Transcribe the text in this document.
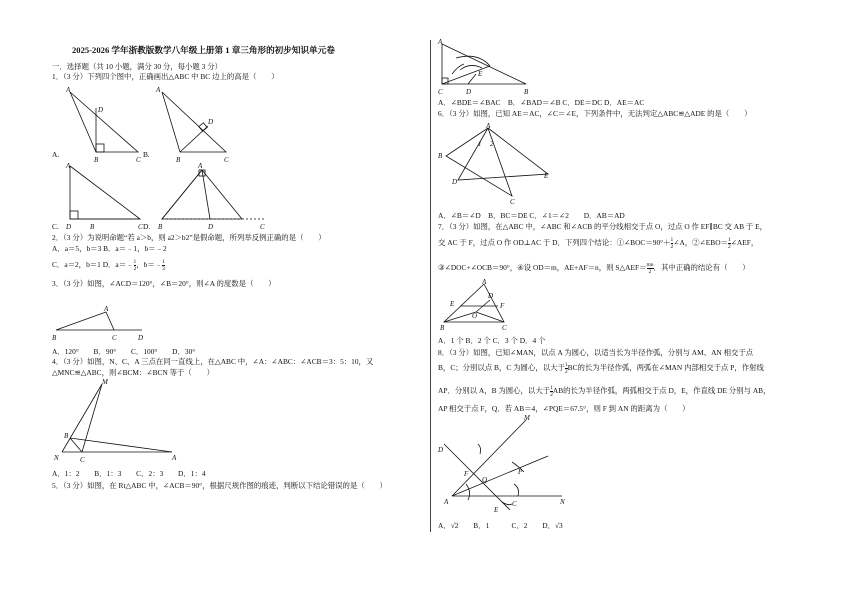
2025-2026 学年浙教版数学八年级上册第 1 章三角形的初步知识单元卷
一．选择题（共 10 小题，满分 30 分，每小题 3 分）
1．（3 分）下列四个图中，正确画出△ABC 中 BC 边上的高是（　　）
A
D
B	C
A
D
B	C
A
D	B	C
A
B	D	C
A.	B.
C.	D.
2．（3 分）为说明命题“若 a＞b，则 a2＞b2”是假命题，所列举反例正确的是（　　）
A．a＝5，b＝3 B．a＝﹣1，b＝﹣2
C．a＝2，b＝1 D．a＝﹣ $\frac{1}{2}$ ，b＝﹣ $\frac{1}{3}$
3．（3 分）如图，∠ACD＝120°，∠B＝20°，则∠A 的度数是（　　）
A
B	C	D
A．120°　　B．90°　　C．100°　　D．30°
4．（3 分）如图，N、C、A 三点在同一直线上，在△ABC 中，∠A：∠ABC：∠ACB＝3：5：10，又
△MNC≌△ABC，则∠BCM：∠BCN 等于（　　）
M
B
N	C	A
A．1：2　　B．1：3　　C．2：3　　D．1：4
5．（3 分）如图，在 Rt△ABC 中，∠ACB＝90°，根据尺规作图的痕迹，判断以下结论错误的是（　　）
A
E
C	D	B
A．∠BDE＝∠BAC　B．∠BAD＝∠B C．DE＝DC D．AE＝AC
6．（3 分）如图，已知 AE＝AC，∠C＝∠E，下列条件中，无法判定△ABC≌△ADE 的是（　　）
A
1 2
B
D
C
E
A．∠B＝∠D　B．BC＝DE C．∠1＝∠2　　D．AB＝AD
7．（3 分）如图，在△ABC 中，∠ABC 和∠ACB 的平分线相交于点 O，过点 O 作 EF∥BC 交 AB 于 E，
交 AC 于 F，过点 O 作 OD⊥AC 于 D．下列四个结论：①∠BOC＝90°＋ $\frac{1}{2}$ ∠A，②∠EBO＝ $\frac{1}{2}$ ∠AEF，
③∠DOC+∠OCB＝90°，④设 OD＝m，AE+AF＝n，则 S△AEF＝ $\frac{mn}{2}$ ．其中正确的结论有（　　）
A
D
E	F
O
B	C
A．1 个 B．2 个 C．3 个 D．4 个
8．（3 分）如图，已知∠MAN，以点 A 为圆心，以适当长为半径作弧，分别与 AM、AN 相交于点
B，C；分别以点 B，C 为圆心，以大于 $\frac{1}{2}$ BC的长为半径作弧，两弧在∠MAN 内部相交于点 P，作射线
AP．分别以 A，B 为圆心，以大于 $\frac{1}{2}$ AB的长为半径作弧，两弧相交于点 D，E，作直线 DE 分别与 AB，
AP 相交于点 F，Q．若 AB＝4，∠PQE＝67.5°，则 F 到 AN 的距离为（　　）
M
D
F
Q
P
A	C	N
E
A．√2　　B．1　　　C．2　　D．√3
